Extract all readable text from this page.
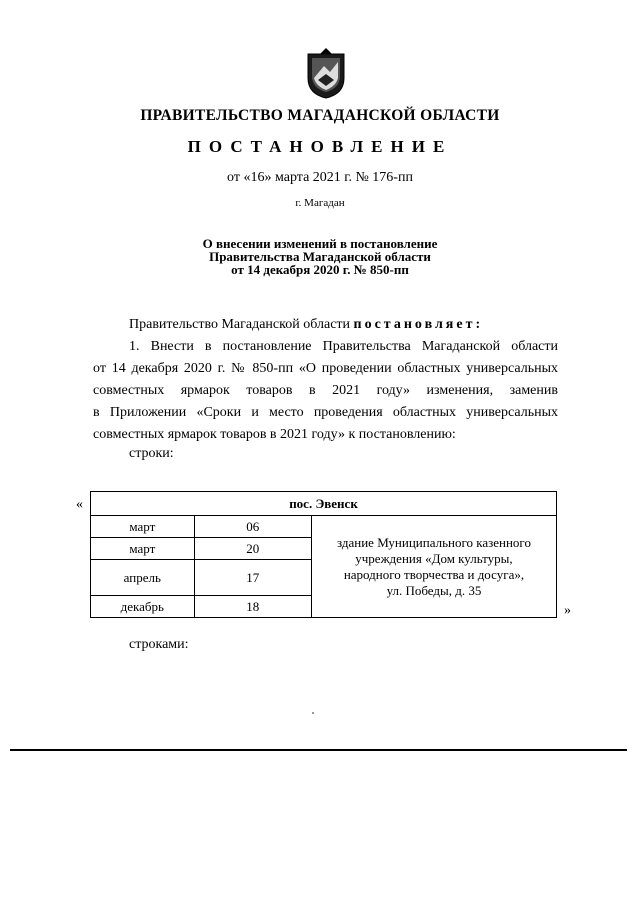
ПРАВИТЕЛЬСТВО МАГАДАНСКОЙ ОБЛАСТИ
ПОСТАНОВЛЕНИЕ
от «16» марта 2021 г. № 176-пп
г. Магадан
О внесении изменений в постановление
Правительства Магаданской области
от 14 декабря 2020 г. № 850-пп
Правительство Магаданской области постановляет:
1. Внести в постановление Правительства Магаданской области
от 14 декабря 2020 г. № 850-пп «О проведении областных универсальных
совместных ярмарок товаров в 2021 году» изменения, заменив
в Приложении «Сроки и место проведения областных универсальных
совместных ярмарок товаров в 2021 году» к постановлению:
строки:
«	пос. Эвенск		
март	06	здание Муниципального казенного
учреждения «Дом культуры,
народного творчества и досуга»,
ул. Победы, д. 35

март	20	
апрель	17	
декабрь	18		»
строками:
